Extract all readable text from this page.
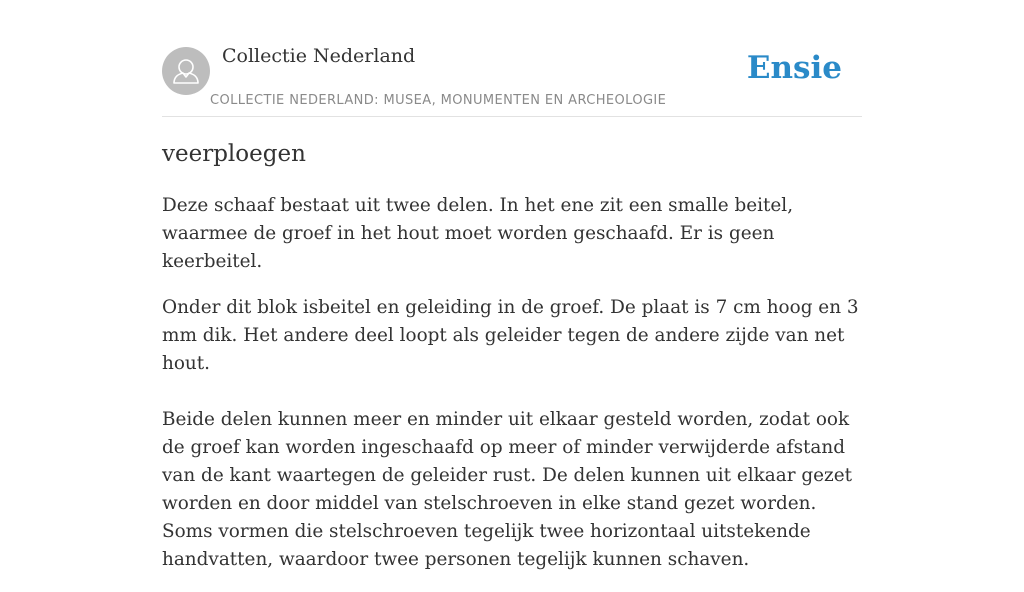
Collectie Nederland
COLLECTIE NEDERLAND: MUSEA, MONUMENTEN EN ARCHEOLOGIE
Ensie
veerploegen

Deze schaaf bestaat uit twee delen. In het ene zit een smalle beitel, waarmee de groef in het hout moet worden geschaafd. Er is geen keerbeitel.

Onder dit blok isbeitel en geleiding in de groef. De plaat is 7 cm hoog en 3 mm dik. Het andere deel loopt als geleider tegen de andere zijde van net hout.

Beide delen kunnen meer en minder uit elkaar gesteld worden, zodat ook de groef kan worden ingeschaafd op meer of minder verwijderde afstand van de kant waartegen de geleider rust. De delen kunnen uit elkaar gezet worden en door middel van stelschroeven in elke stand gezet worden. Soms vormen die stelschroeven tegelijk twee horizontaal uitstekende handvatten, waardoor twee personen tegelijk kunnen schaven.
